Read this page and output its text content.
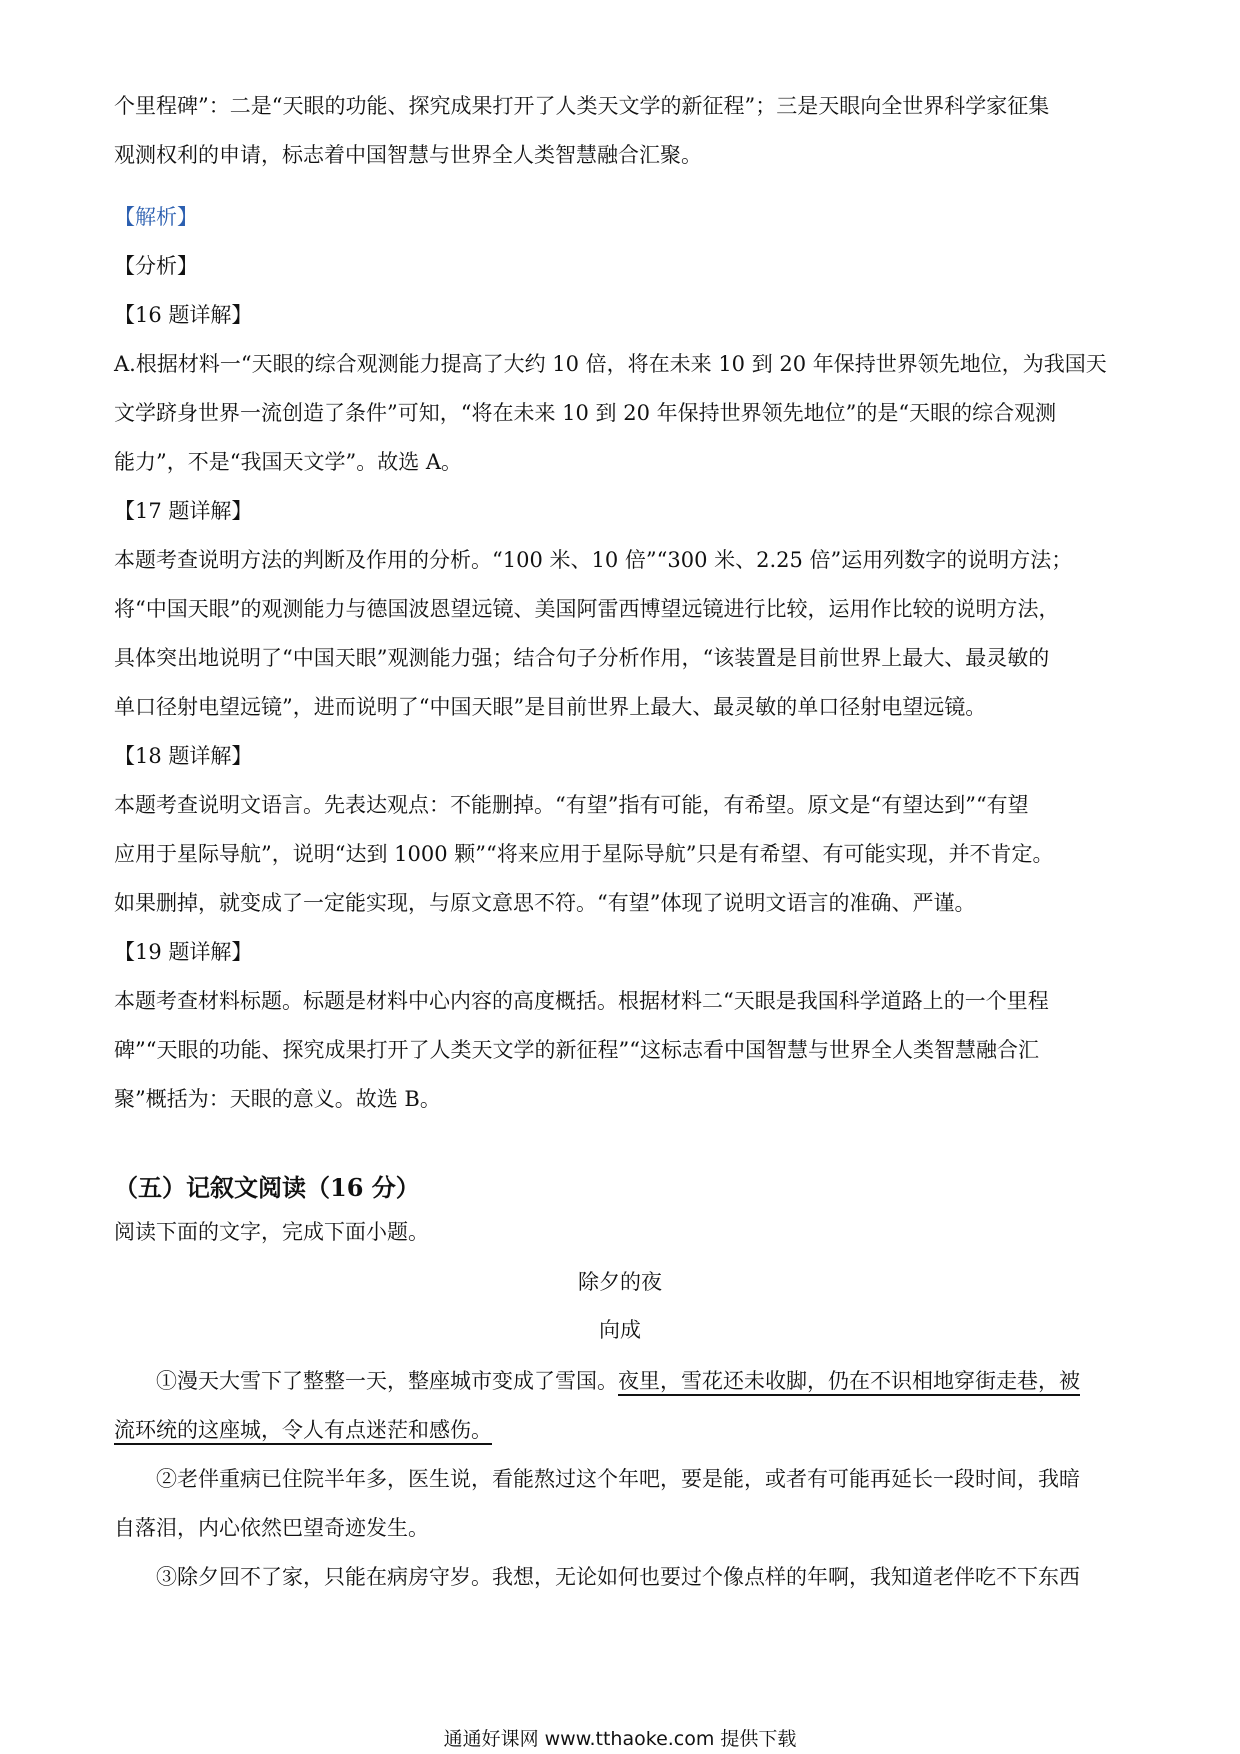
个里程碑”：二是“天眼的功能、探究成果打开了人类天文学的新征程”；三是天眼向全世界科学家征集
观测权利的申请，标志着中国智慧与世界全人类智慧融合汇聚。
【解析】
【分析】
【16 题详解】
A.根据材料一“天眼的综合观测能力提高了大约 10 倍，将在未来 10 到 20 年保持世界领先地位，为我国天
文学跻身世界一流创造了条件”可知，“将在未来 10 到 20 年保持世界领先地位”的是“天眼的综合观测
能力”，不是“我国天文学”。故选 A。
【17 题详解】
本题考查说明方法的判断及作用的分析。“100 米、10 倍”“300 米、2.25 倍”运用列数字的说明方法；
将“中国天眼”的观测能力与德国波恩望远镜、美国阿雷西博望远镜进行比较，运用作比较的说明方法，
具体突出地说明了“中国天眼”观测能力强；结合句子分析作用，“该装置是目前世界上最大、最灵敏的
单口径射电望远镜”，进而说明了“中国天眼”是目前世界上最大、最灵敏的单口径射电望远镜。
【18 题详解】
本题考查说明文语言。先表达观点：不能删掉。“有望”指有可能，有希望。原文是“有望达到”“有望
应用于星际导航”，说明“达到 1000 颗”“将来应用于星际导航”只是有希望、有可能实现，并不肯定。
如果删掉，就变成了一定能实现，与原文意思不符。“有望”体现了说明文语言的准确、严谨。
【19 题详解】
本题考查材料标题。标题是材料中心内容的高度概括。根据材料二“天眼是我国科学道路上的一个里程
碑”“天眼的功能、探究成果打开了人类天文学的新征程”“这标志看中国智慧与世界全人类智慧融合汇
聚”概括为：天眼的意义。故选 B。
（五）记叙文阅读（16 分）
阅读下面的文字，完成下面小题。
除夕的夜
向成
①漫天大雪下了整整一天，整座城市变成了雪国。夜里，雪花还未收脚，仍在不识相地穿街走巷，被
流环统的这座城，令人有点迷茫和感伤。
②老伴重病已住院半年多，医生说，看能熬过这个年吧，要是能，或者有可能再延长一段时间，我暗
自落泪，内心依然巴望奇迹发生。
③除夕回不了家，只能在病房守岁。我想，无论如何也要过个像点样的年啊，我知道老伴吃不下东西
通通好课网 www.tthaoke.com 提供下载
